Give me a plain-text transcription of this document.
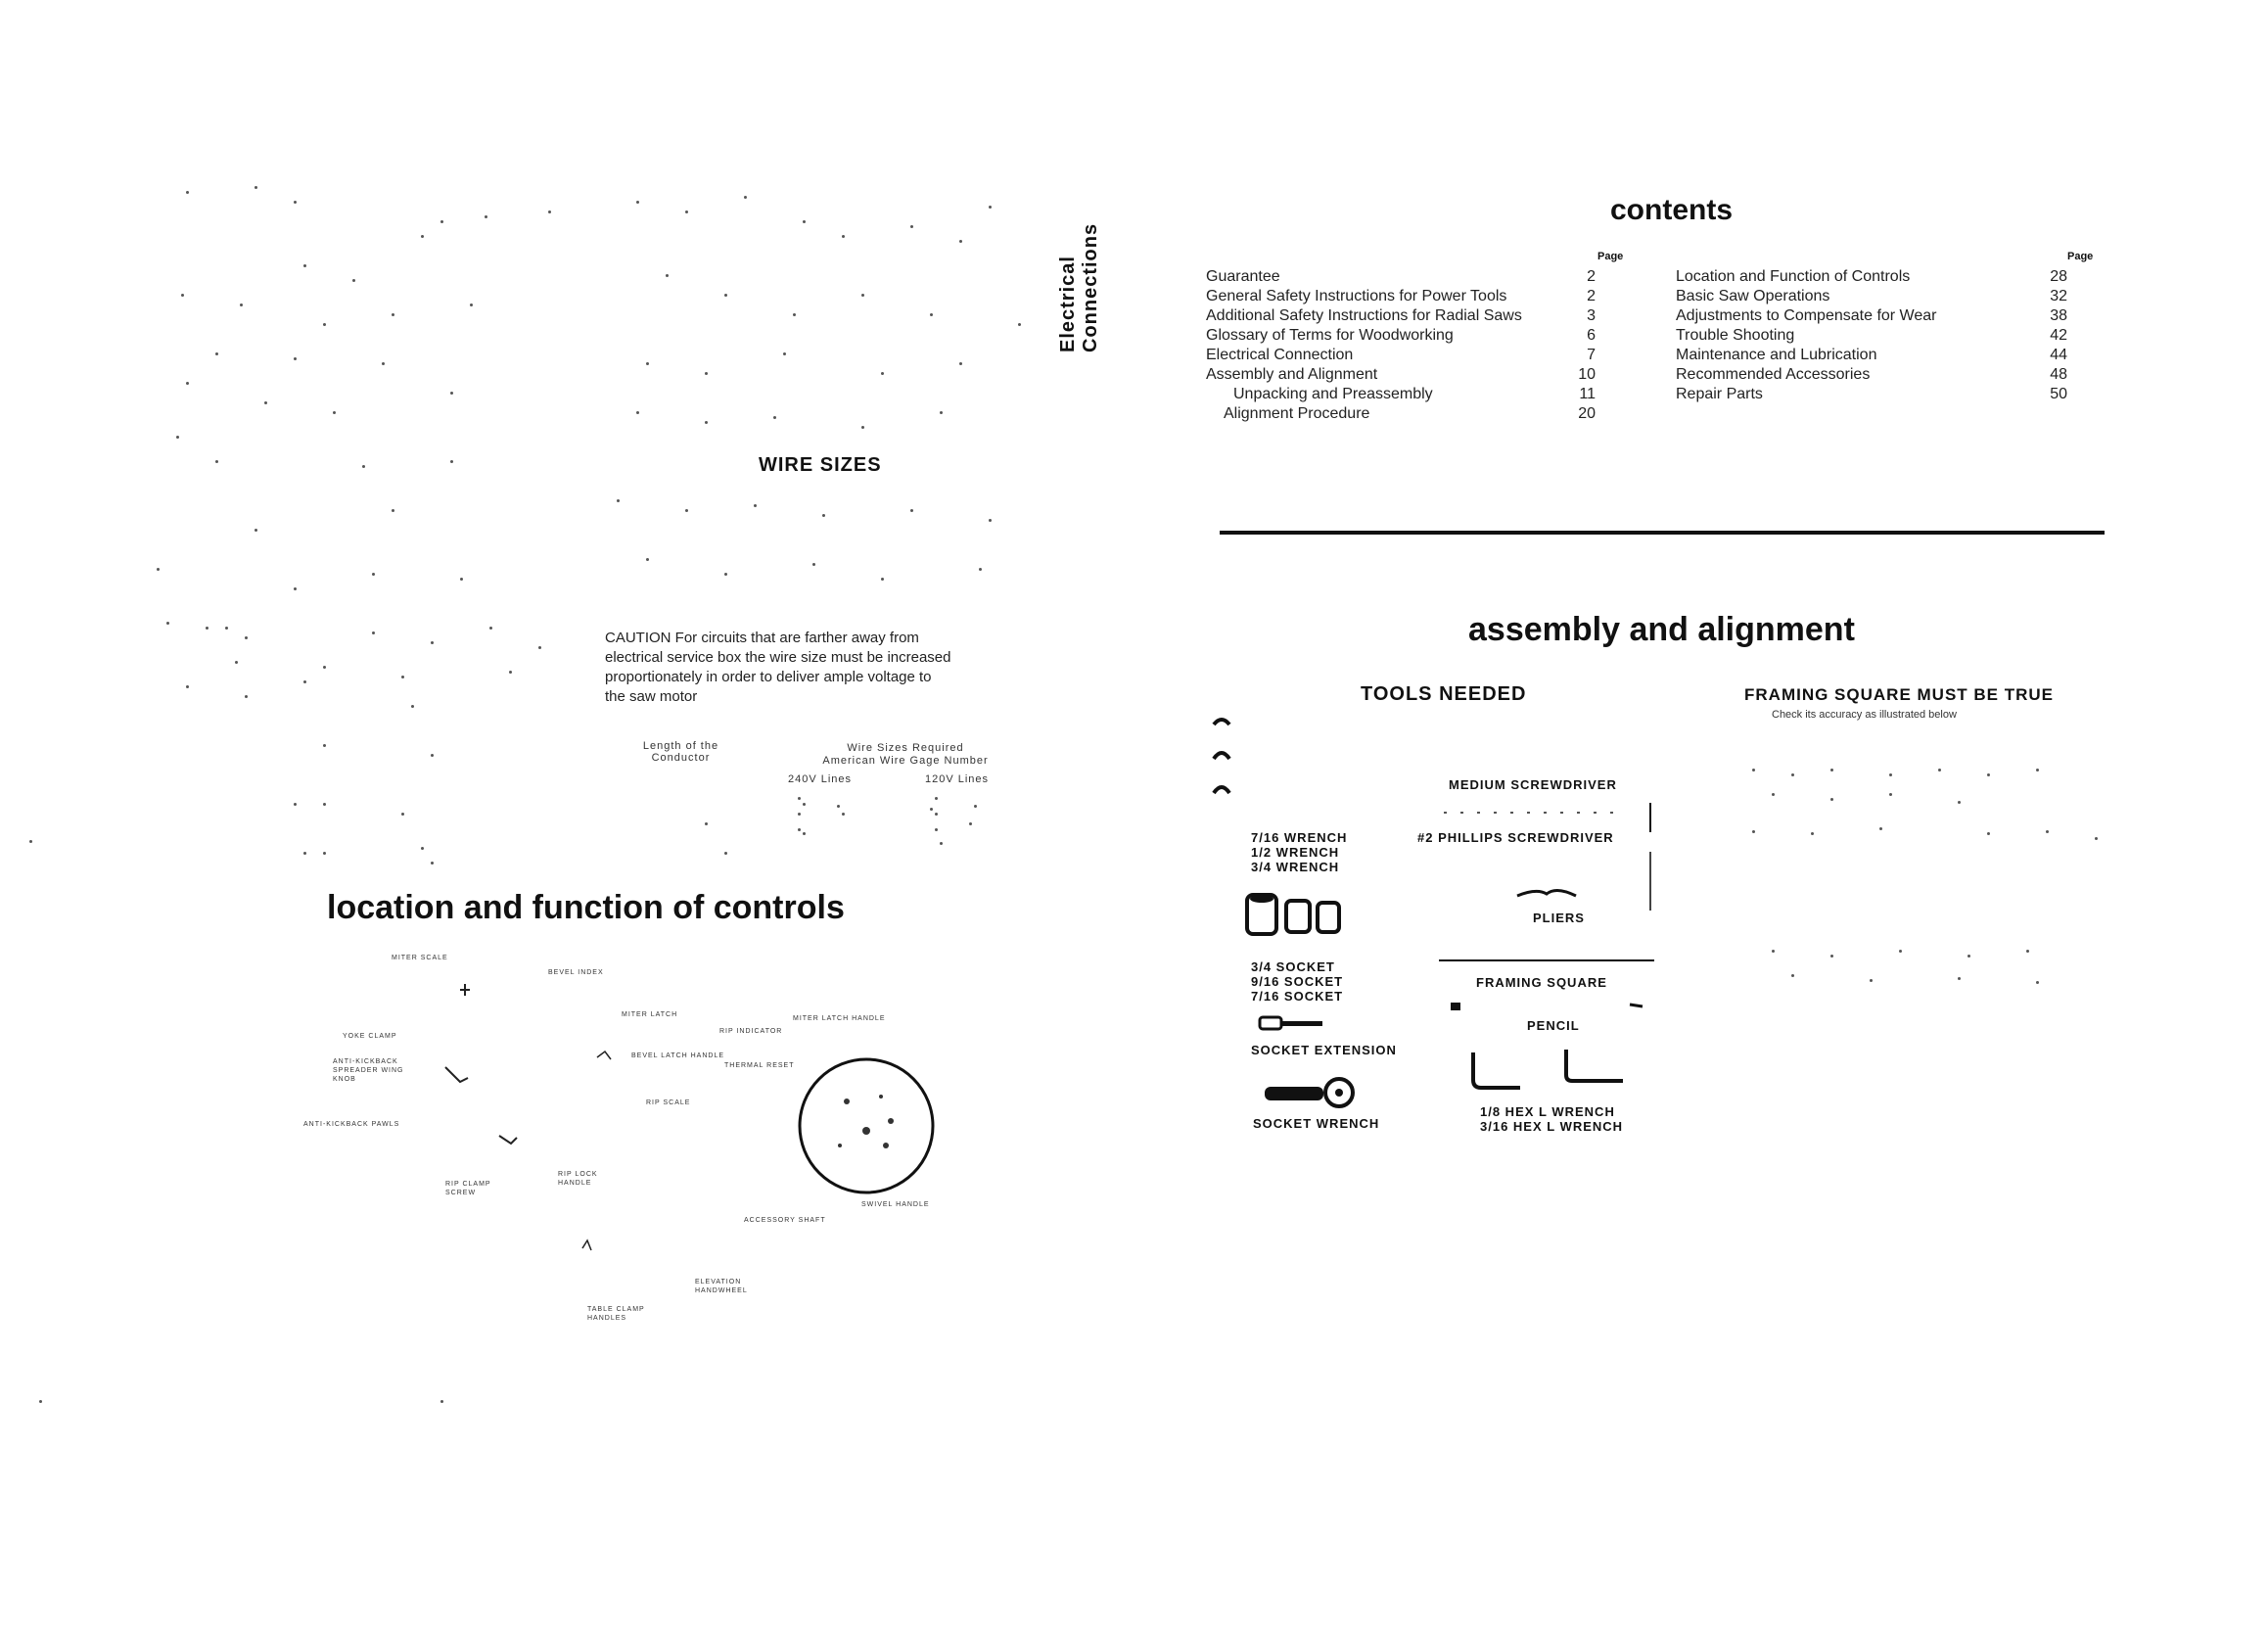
Electrical Connections
WIRE SIZES
CAUTION For circuits that are farther away from
electrical service box the wire size must be increased
proportionately in order to deliver ample voltage to
the saw motor
Length of the
Conductor
Wire Sizes Required
American Wire Gage Number
240V Lines	120V Lines
location and function of controls
MITER SCALE
BEVEL INDEX
MITER LATCH
YOKE CLAMP
ANTI-KICKBACK SPREADER WING KNOB
ANTI-KICKBACK PAWLS
MITER LATCH HANDLE
RIP INDICATOR
BEVEL LATCH HANDLE
THERMAL RESET
RIP SCALE
RIP CLAMP SCREW
RIP LOCK HANDLE
SWIVEL HANDLE
ELEVATION HANDWHEEL
TABLE CLAMP HANDLES
ACCESSORY SHAFT
contents
Page	Page
Guarantee	2
General Safety Instructions for Power Tools	2
Additional Safety Instructions for Radial Saws	3
Glossary of Terms for Woodworking	6
Electrical Connection	7
Assembly and Alignment	10
Unpacking and Preassembly	11
Alignment Procedure	20
Location and Function of Controls	28
Basic Saw Operations	32
Adjustments to Compensate for Wear	38
Trouble Shooting	42
Maintenance and Lubrication	44
Recommended Accessories	48
Repair Parts	50
assembly and alignment
TOOLS NEEDED	FRAMING SQUARE MUST BE TRUE
Check its accuracy as illustrated below
7/16 WRENCH
1/2 WRENCH
3/4 WRENCH
3/4 SOCKET
9/16 SOCKET
7/16 SOCKET
SOCKET EXTENSION
SOCKET WRENCH
MEDIUM SCREWDRIVER
#2 PHILLIPS SCREWDRIVER
PLIERS
FRAMING SQUARE
PENCIL
1/8 HEX L WRENCH
3/16 HEX L WRENCH
